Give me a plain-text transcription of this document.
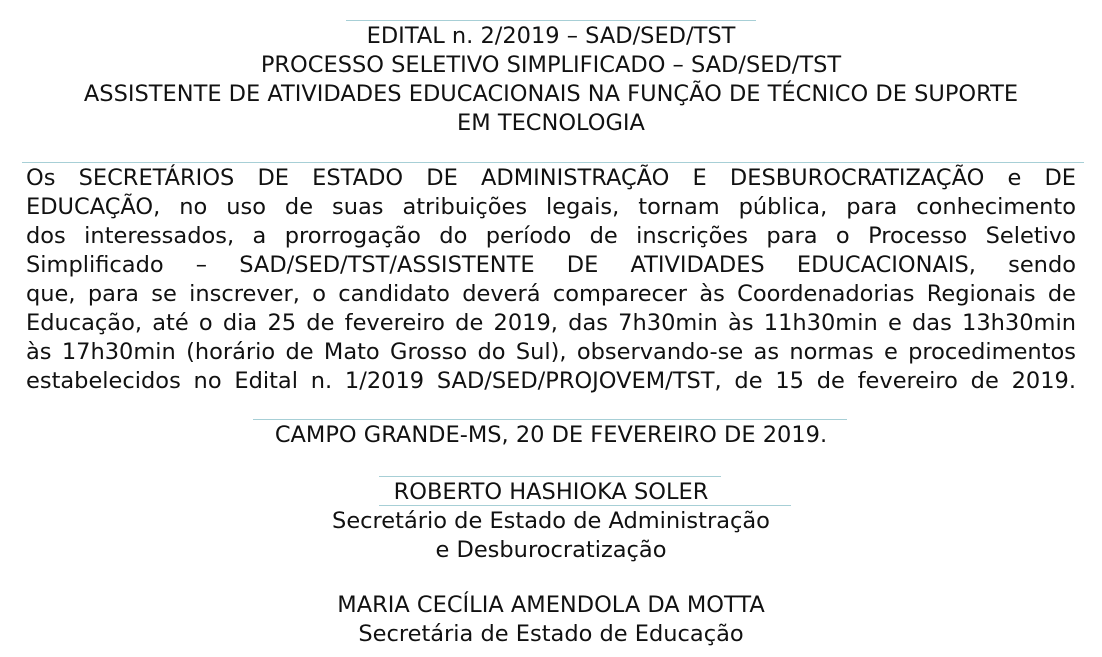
EDITAL n. 2/2019 – SAD/SED/TST
PROCESSO SELETIVO SIMPLIFICADO – SAD/SED/TST
ASSISTENTE DE ATIVIDADES EDUCACIONAIS NA FUNÇÃO DE TÉCNICO DE SUPORTE
EM TECNOLOGIA
Os SECRETÁRIOS DE ESTADO DE ADMINISTRAÇÃO E DESBUROCRATIZAÇÃO e DE
EDUCAÇÃO, no uso de suas atribuições legais, tornam pública, para conhecimento
dos interessados, a prorrogação do período de inscrições para o Processo Seletivo
Simplificado – SAD/SED/TST/ASSISTENTE DE ATIVIDADES EDUCACIONAIS, sendo
que, para se inscrever, o candidato deverá comparecer às Coordenadorias Regionais de
Educação, até o dia 25 de fevereiro de 2019, das 7h30min às 11h30min e das 13h30min
às 17h30min (horário de Mato Grosso do Sul), observando-se as normas e procedimentos
estabelecidos no Edital n. 1/2019 SAD/SED/PROJOVEM/TST, de 15 de fevereiro de 2019.
CAMPO GRANDE-MS, 20 DE FEVEREIRO DE 2019.
ROBERTO HASHIOKA SOLER
Secretário de Estado de Administração
e Desburocratização
MARIA CECÍLIA AMENDOLA DA MOTTA
Secretária de Estado de Educação
